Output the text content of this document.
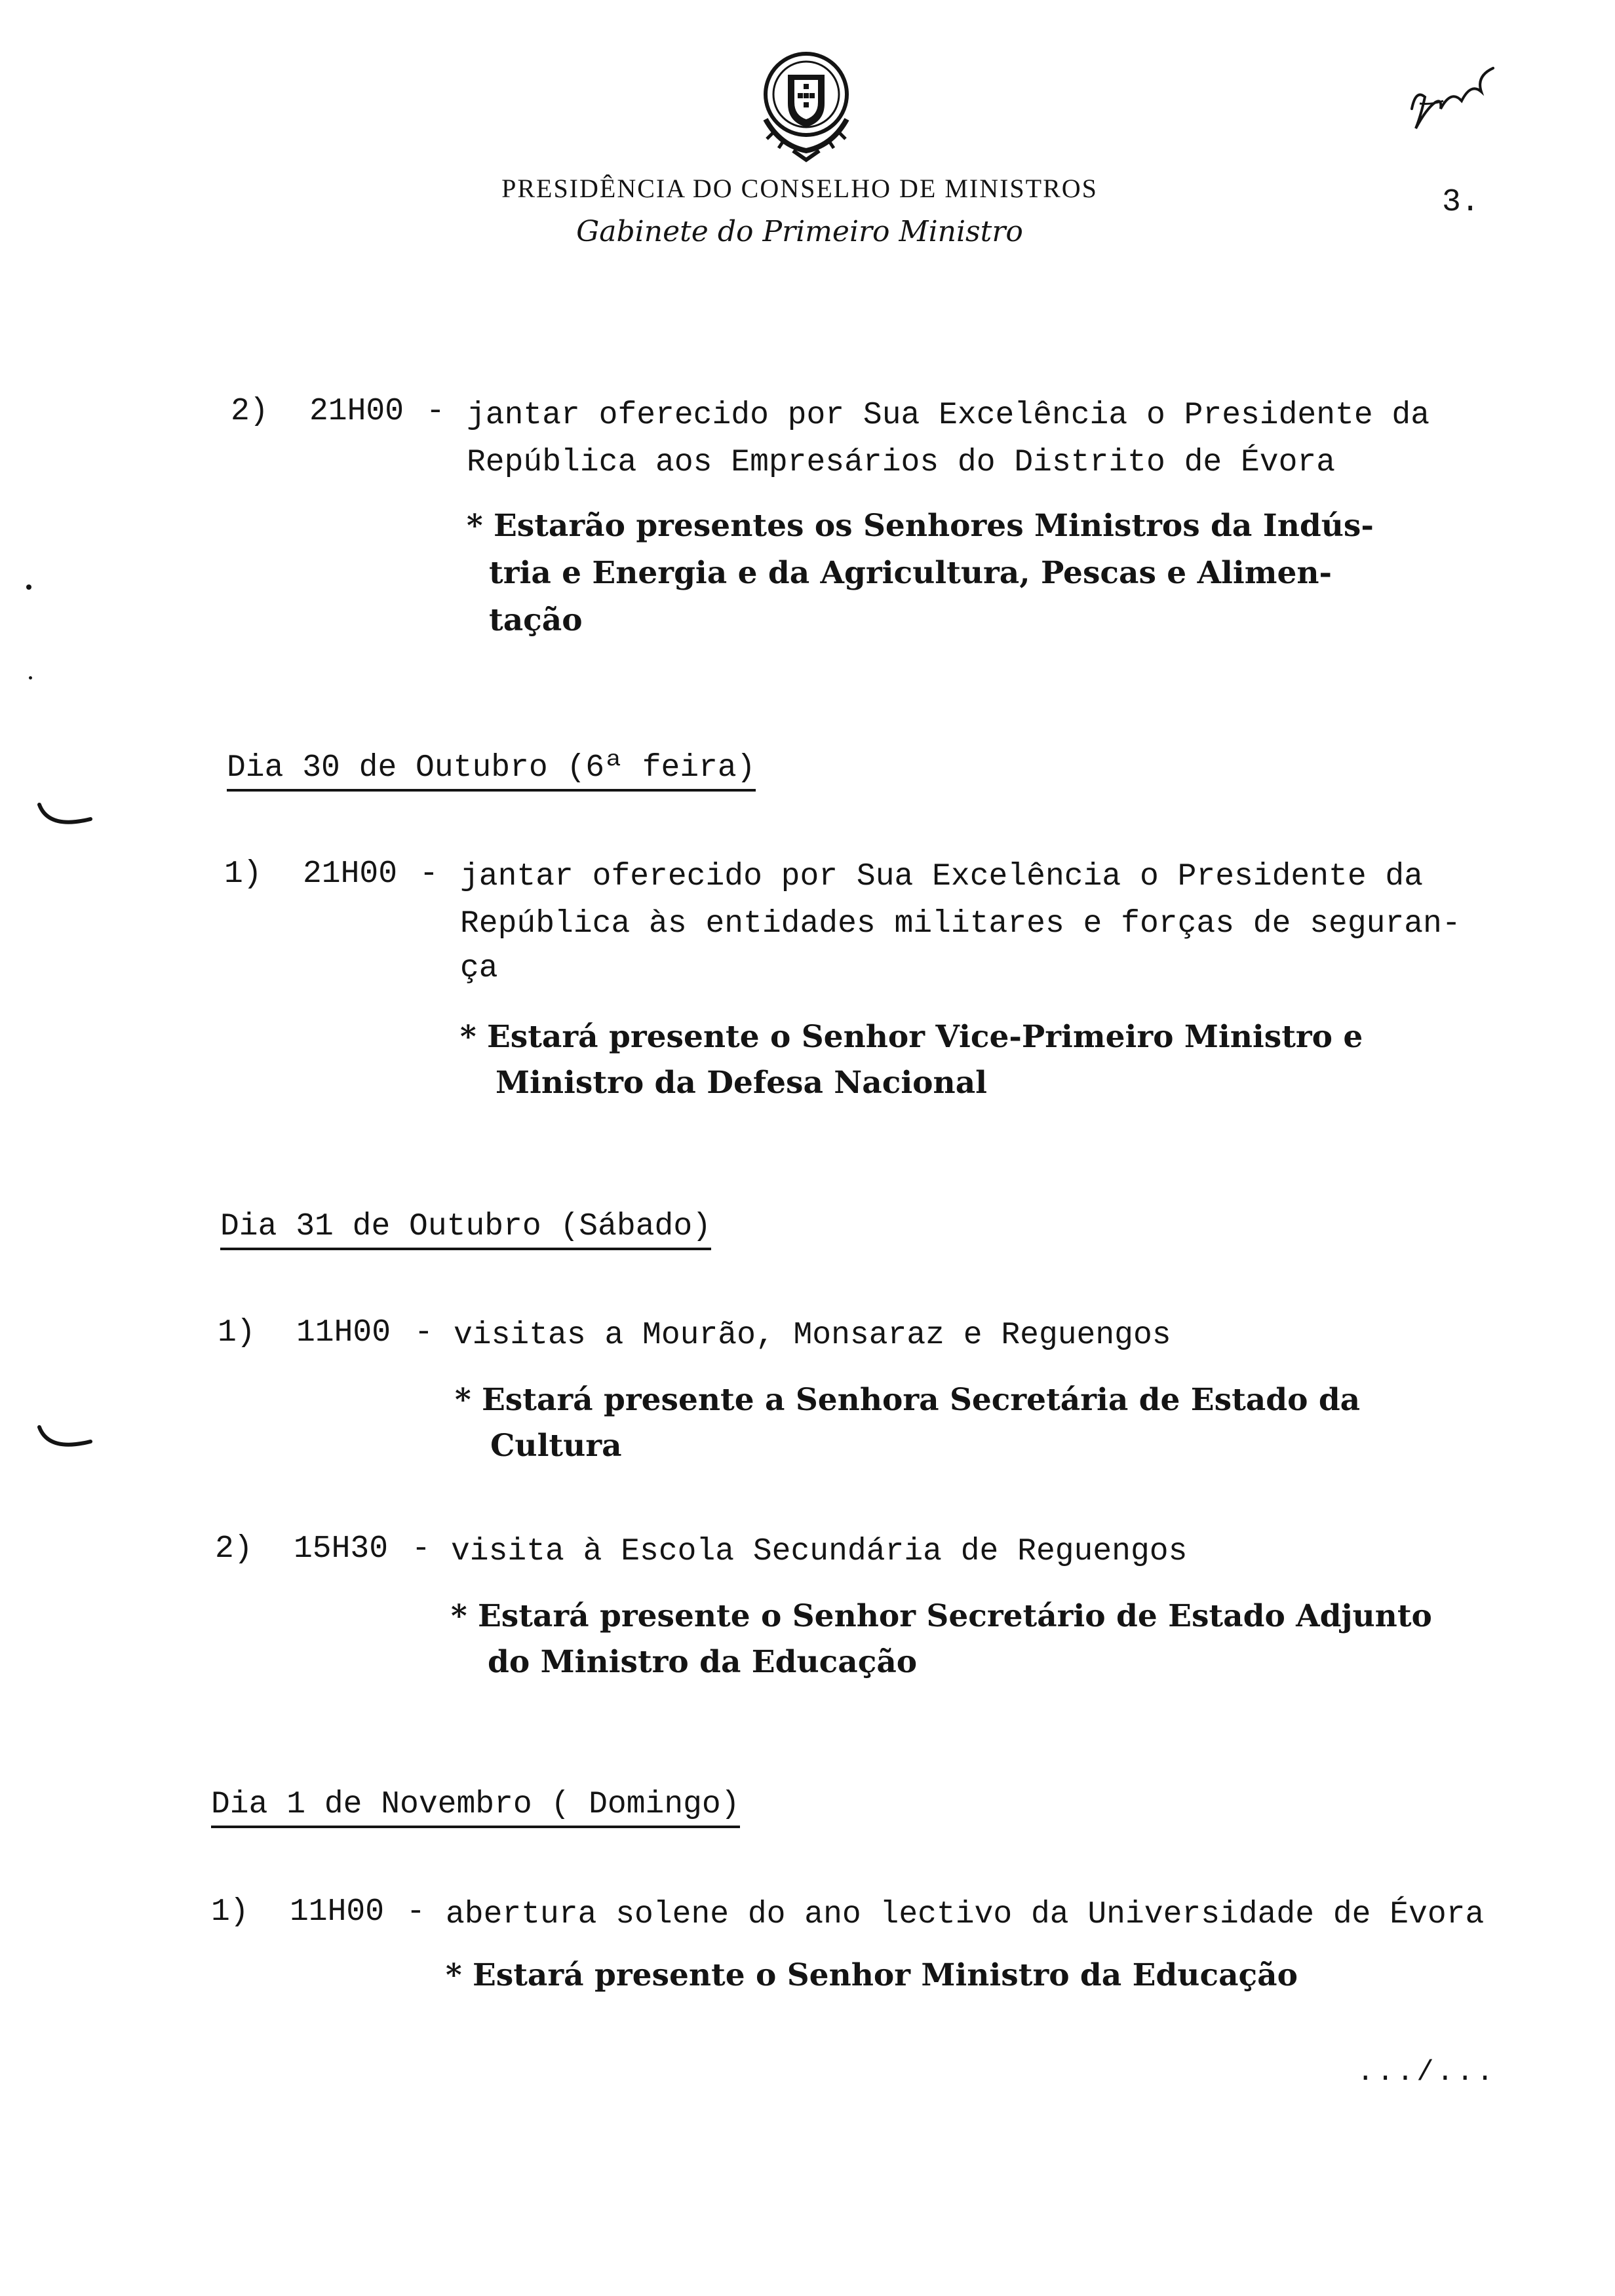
PRESIDÊNCIA DO CONSELHO DE MINISTROS
Gabinete do Primeiro Ministro
3.
2) 21H00 - jantar oferecido por Sua Excelência o Presidente da
República aos Empresários do Distrito de Évora
* Estarão presentes os Senhores Ministros da Indús-
tria e Energia e da Agricultura, Pescas e Alimen-
tação
Dia 30 de Outubro (6ª feira)
1) 21H00 - jantar oferecido por Sua Excelência o Presidente da
República às entidades militares e forças de seguran-
ça
* Estará presente o Senhor Vice-Primeiro Ministro e
Ministro da Defesa Nacional
Dia 31 de Outubro (Sábado)
1) 11H00 - visitas a Mourão, Monsaraz e Reguengos
* Estará presente a Senhora Secretária de Estado da
Cultura
2) 15H30 - visita à Escola Secundária de Reguengos
* Estará presente o Senhor Secretário de Estado Adjunto
do Ministro da Educação
Dia 1 de Novembro ( Domingo)
1) 11H00 - abertura solene do ano lectivo da Universidade de Évora
* Estará presente o Senhor Ministro da Educação
.../...
